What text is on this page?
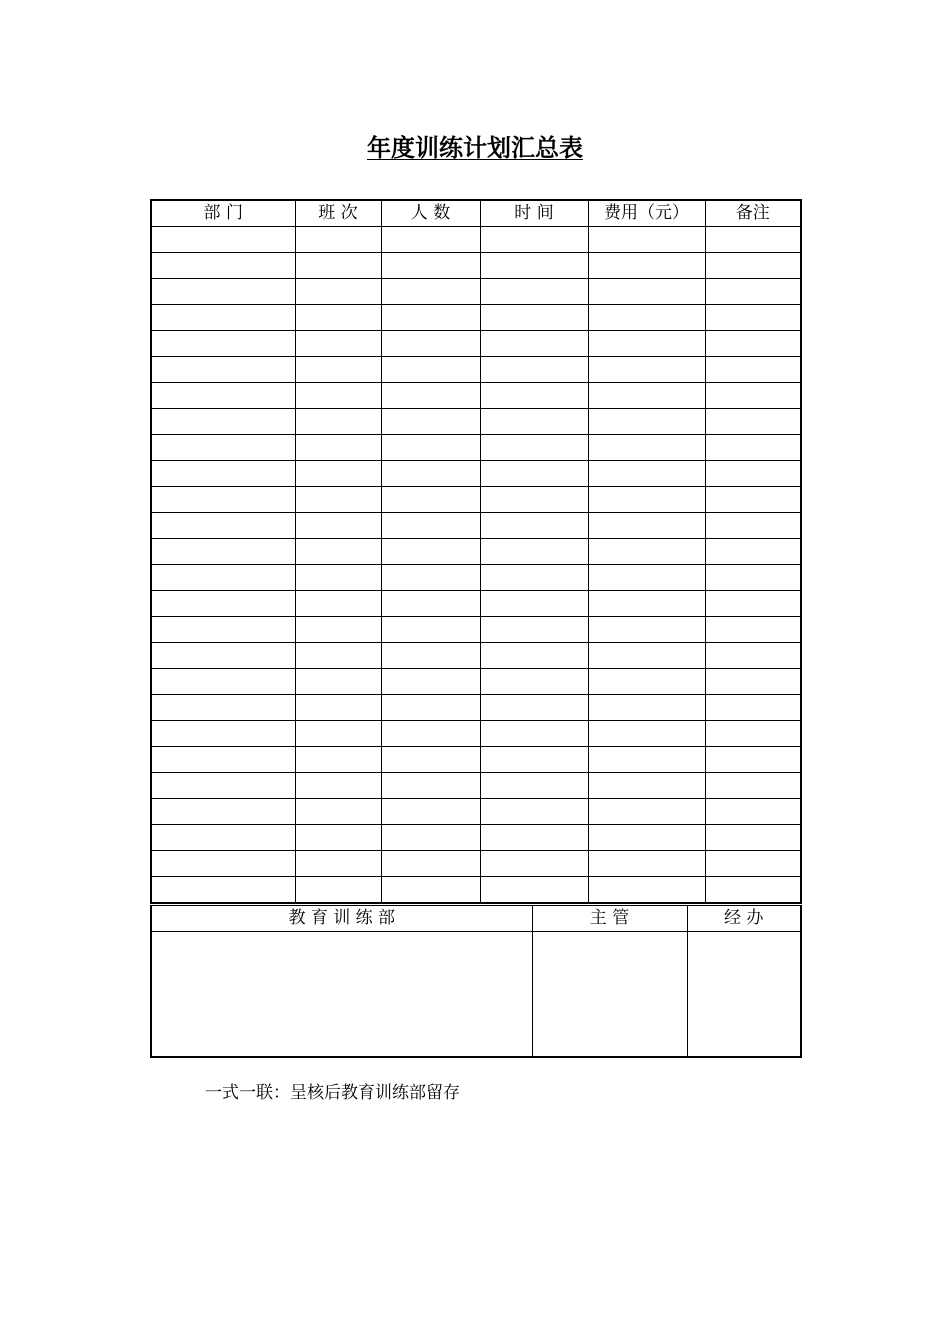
年度训练计划汇总表
部 门	班 次	人 数	时 间	费用（元）	备注

教 育 训 练 部	主 管	经 办

一式一联：呈核后教育训练部留存
